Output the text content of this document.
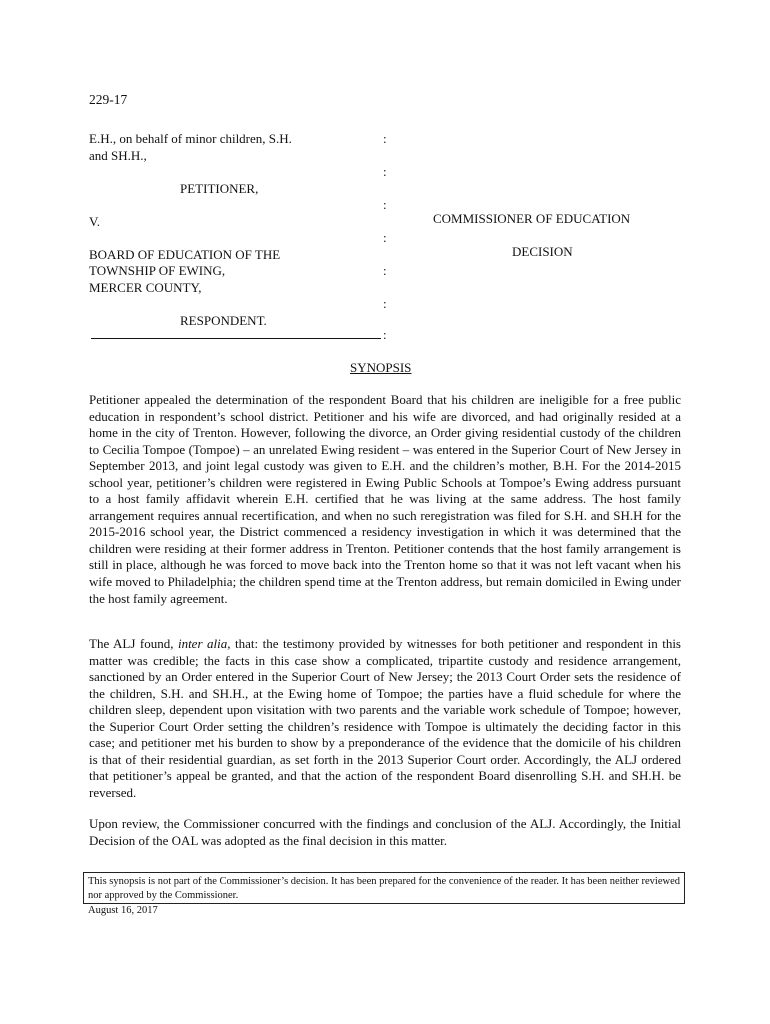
229-17
E.H., on behalf of minor children, S.H.
and SH.H.,
PETITIONER,
V.
BOARD OF EDUCATION OF THE
TOWNSHIP OF EWING,
MERCER COUNTY,
RESPONDENT.
:
:
:
:
:
:
:
COMMISSIONER OF EDUCATION
DECISION
SYNOPSIS

Petitioner appealed the determination of the respondent Board that his children are ineligible for a free public education in respondent’s school district. Petitioner and his wife are divorced, and had originally resided at a home in the city of Trenton. However, following the divorce, an Order giving residential custody of the children to Cecilia Tompoe (Tompoe) – an unrelated Ewing resident – was entered in the Superior Court of New Jersey in September 2013, and joint legal custody was given to E.H. and the children’s mother, B.H. For the 2014-2015 school year, petitioner’s children were registered in Ewing Public Schools at Tompoe’s Ewing address pursuant to a host family affidavit wherein E.H. certified that he was living at the same address. The host family arrangement requires annual recertification, and when no such reregistration was filed for S.H. and SH.H for the 2015-2016 school year, the District commenced a residency investigation in which it was determined that the children were residing at their former address in Trenton. Petitioner contends that the host family arrangement is still in place, although he was forced to move back into the Trenton home so that it was not left vacant when his wife moved to Philadelphia; the children spend time at the Trenton address, but remain domiciled in Ewing under the host family agreement.

The ALJ found, inter alia, that: the testimony provided by witnesses for both petitioner and respondent in this matter was credible; the facts in this case show a complicated, tripartite custody and residence arrangement, sanctioned by an Order entered in the Superior Court of New Jersey; the 2013 Court Order sets the residence of the children, S.H. and SH.H., at the Ewing home of Tompoe; the parties have a fluid schedule for where the children sleep, dependent upon visitation with two parents and the variable work schedule of Tompoe; however, the Superior Court Order setting the children’s residence with Tompoe is ultimately the deciding factor in this case; and petitioner met his burden to show by a preponderance of the evidence that the domicile of his children is that of their residential guardian, as set forth in the 2013 Superior Court order. Accordingly, the ALJ ordered that petitioner’s appeal be granted, and that the action of the respondent Board disenrolling S.H. and SH.H. be reversed.

Upon review, the Commissioner concurred with the findings and conclusion of the ALJ. Accordingly, the Initial Decision of the OAL was adopted as the final decision in this matter.

This synopsis is not part of the Commissioner’s decision. It has been prepared for the convenience of the reader. It has been neither reviewed nor approved by the Commissioner.
August 16, 2017
